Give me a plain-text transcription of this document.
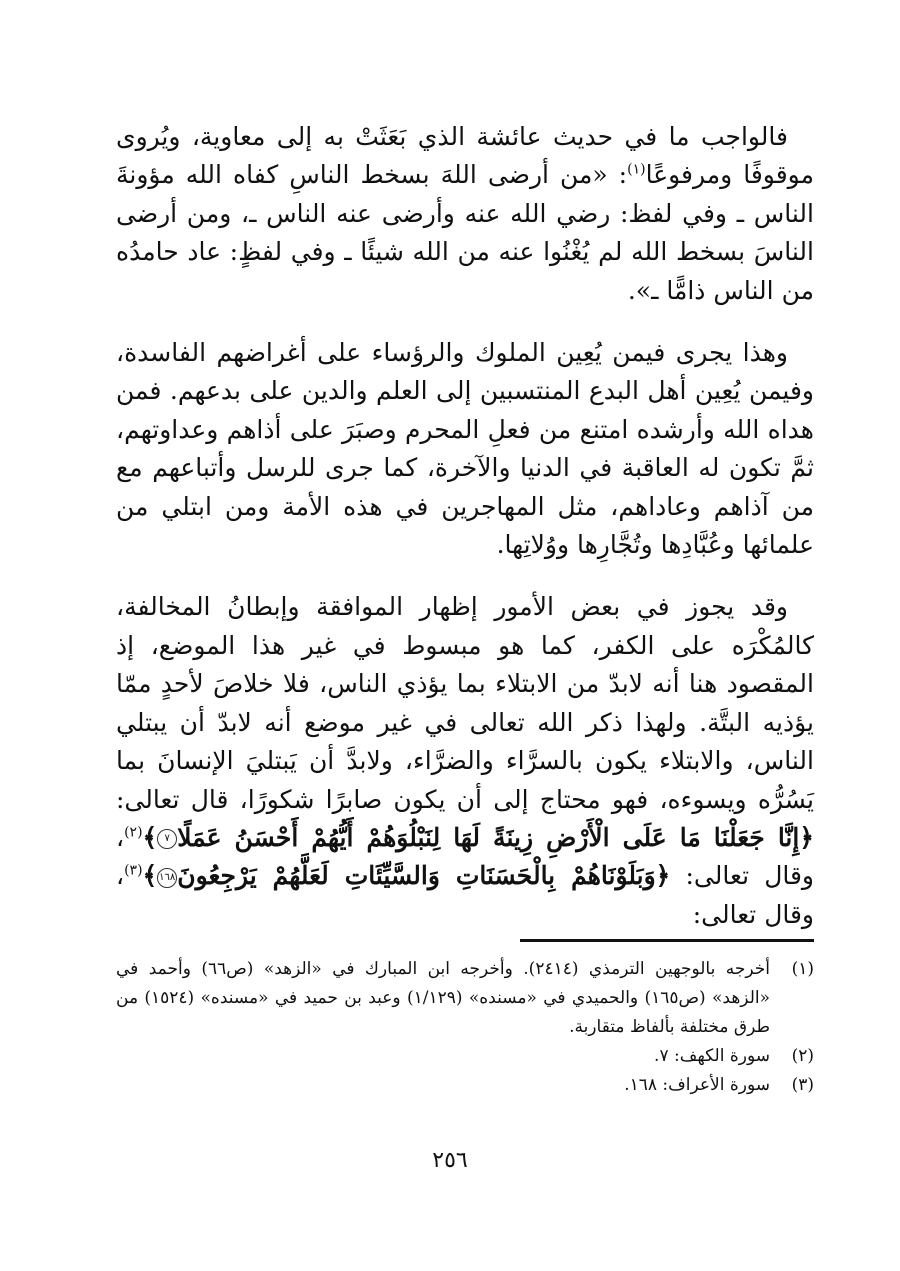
فالواجب ما في حديث عائشة الذي بَعَثَتْ به إلى معاوية، ويُروى موقوفًا ومرفوعًا$^{(١)}$: «من أرضى اللهَ بسخط الناسِ كفاه الله مؤونةَ الناس ـ وفي لفظ: رضي الله عنه وأرضى عنه الناس ـ، ومن أرضى الناسَ بسخط الله لم يُغْنُوا عنه من الله شيئًا ـ وفي لفظٍ: عاد حامدُه من الناس ذامًّا ـ».

وهذا يجرى فيمن يُعِين الملوك والرؤساء على أغراضهم الفاسدة، وفيمن يُعِين أهل البدع المنتسبين إلى العلم والدين على بدعهم. فمن هداه الله وأرشده امتنع من فعلِ المحرم وصبَرَ على أذاهم وعداوتهم، ثمَّ تكون له العاقبة في الدنيا والآخرة، كما جرى للرسل وأتباعهم مع من آذاهم وعاداهم، مثل المهاجرين في هذه الأمة ومن ابتلي من علمائها وعُبَّادِها وتُجَّارِها ووُلاتِها.

وقد يجوز في بعض الأمور إظهار الموافقة وإبطانُ المخالفة، كالمُكْرَه على الكفر، كما هو مبسوط في غير هذا الموضع، إذ المقصود هنا أنه لابدّ من الابتلاء بما يؤذي الناس، فلا خلاصَ لأحدٍ ممّا يؤذيه البتَّة. ولهذا ذكر الله تعالى في غير موضع أنه لابدّ أن يبتلي الناس، والابتلاء يكون بالسرَّاء والضرَّاء، ولابدَّ أن يَبتليَ الإنسانَ بما يَسُرُّه ويسوءه، فهو محتاج إلى أن يكون صابرًا شكورًا، قال تعالى: ﴿إِنَّا جَعَلْنَا مَا عَلَى الْأَرْضِ زِينَةً لَهَا لِنَبْلُوَهُمْ أَيُّهُمْ أَحْسَنُ عَمَلًا٧﴾$^{(٢)}$، وقال تعالى: ﴿وَبَلَوْنَاهُمْ بِالْحَسَنَاتِ وَالسَّيِّئَاتِ لَعَلَّهُمْ يَرْجِعُونَ١٦٨﴾$^{(٣)}$، وقال تعالى:

(١)
أخرجه بالوجهين الترمذي (٢٤١٤). وأخرجه ابن المبارك في «الزهد» (ص٦٦) وأحمد في «الزهد» (ص١٦٥) والحميدي في «مسنده» (١/١٢٩) وعبد بن حميد في «مسنده» (١٥٢٤) من طرق مختلفة بألفاظ متقاربة.
(٢)
سورة الكهف: ٧.
(٣)
سورة الأعراف: ١٦٨.
٢٥٦
